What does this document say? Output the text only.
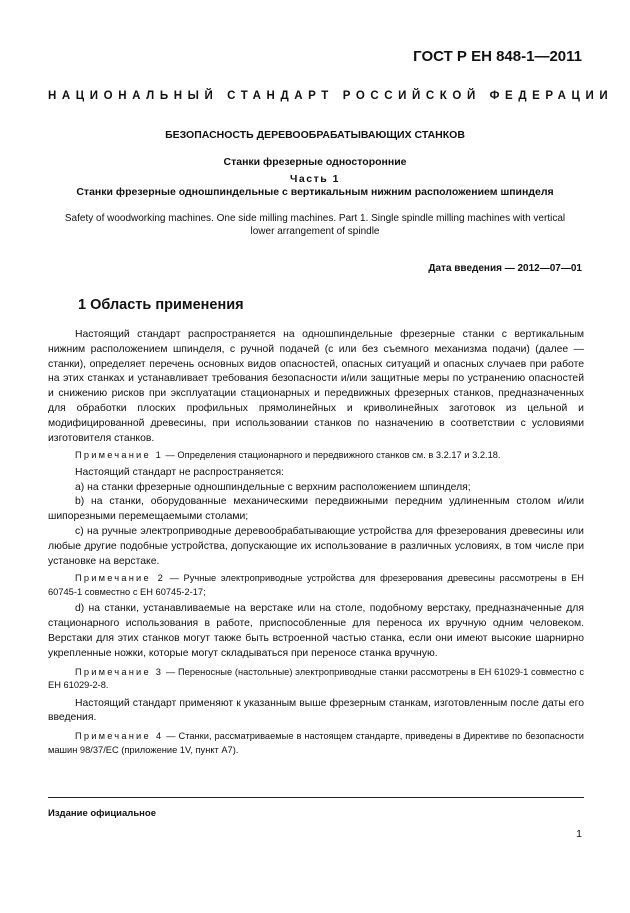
ГОСТ Р ЕН 848-1—2011
НАЦИОНАЛЬНЫЙ СТАНДАРТ РОССИЙСКОЙ ФЕДЕРАЦИИ
БЕЗОПАСНОСТЬ ДЕРЕВООБРАБАТЫВАЮЩИХ СТАНКОВ
Станки фрезерные односторонние
Часть 1
Станки фрезерные одношпиндельные с вертикальным нижним расположением шпинделя
Safety of woodworking machines. One side milling machines. Part 1. Single spindle milling machines with vertical lower arrangement of spindle
Дата введения — 2012—07—01
1 Область применения

Настоящий стандарт распространяется на одношпиндельные фрезерные станки с вертикальным нижним расположением шпинделя, с ручной подачей (с или без съемного механизма подачи) (далее — станки), определяет перечень основных видов опасностей, опасных ситуаций и опасных случаев при работе на этих станках и устанавливает требования безопасности и/или защитные меры по устранению опасностей и снижению рисков при эксплуатации стационарных и передвижных фрезерных станков, предназначенных для обработки плоских профильных прямолинейных и криволинейных заготовок из цельной и модифицированной древесины, при использовании станков по назначению в соответствии с условиями изготовителя станков.

Примечание 1 — Определения стационарного и передвижного станков см. в 3.2.17 и 3.2.18.

Настоящий стандарт не распространяется:

а) на станки фрезерные одношпиндельные с верхним расположением шпинделя;

b) на станки, оборудованные механическими передвижными передним удлиненным столом и/или шипорезными перемещаемыми столами;

с) на ручные электроприводные деревообрабатывающие устройства для фрезерования древесины или любые другие подобные устройства, допускающие их использование в различных условиях, в том числе при установке на верстаке.

Примечание 2 — Ручные электроприводные устройства для фрезерования древесины рассмотрены в ЕН 60745-1 совместно с ЕН 60745-2-17;

d) на станки, устанавливаемые на верстаке или на столе, подобному верстаку, предназначенные для стационарного использования в работе, приспособленные для переноса их вручную одним человеком. Верстаки для этих станков могут также быть встроенной частью станка, если они имеют высокие шарнирно укрепленные ножки, которые могут складываться при переносе станка вручную.

Примечание 3 — Переносные (настольные) электроприводные станки рассмотрены в ЕН 61029-1 совместно с ЕН 61029-2-8.

Настоящий стандарт применяют к указанным выше фрезерным станкам, изготовленным после даты его введения.

Примечание 4 — Станки, рассматриваемые в настоящем стандарте, приведены в Директиве по безопасности машин 98/37/ЕС (приложение 1V, пункт А7).

Издание официальное
1
